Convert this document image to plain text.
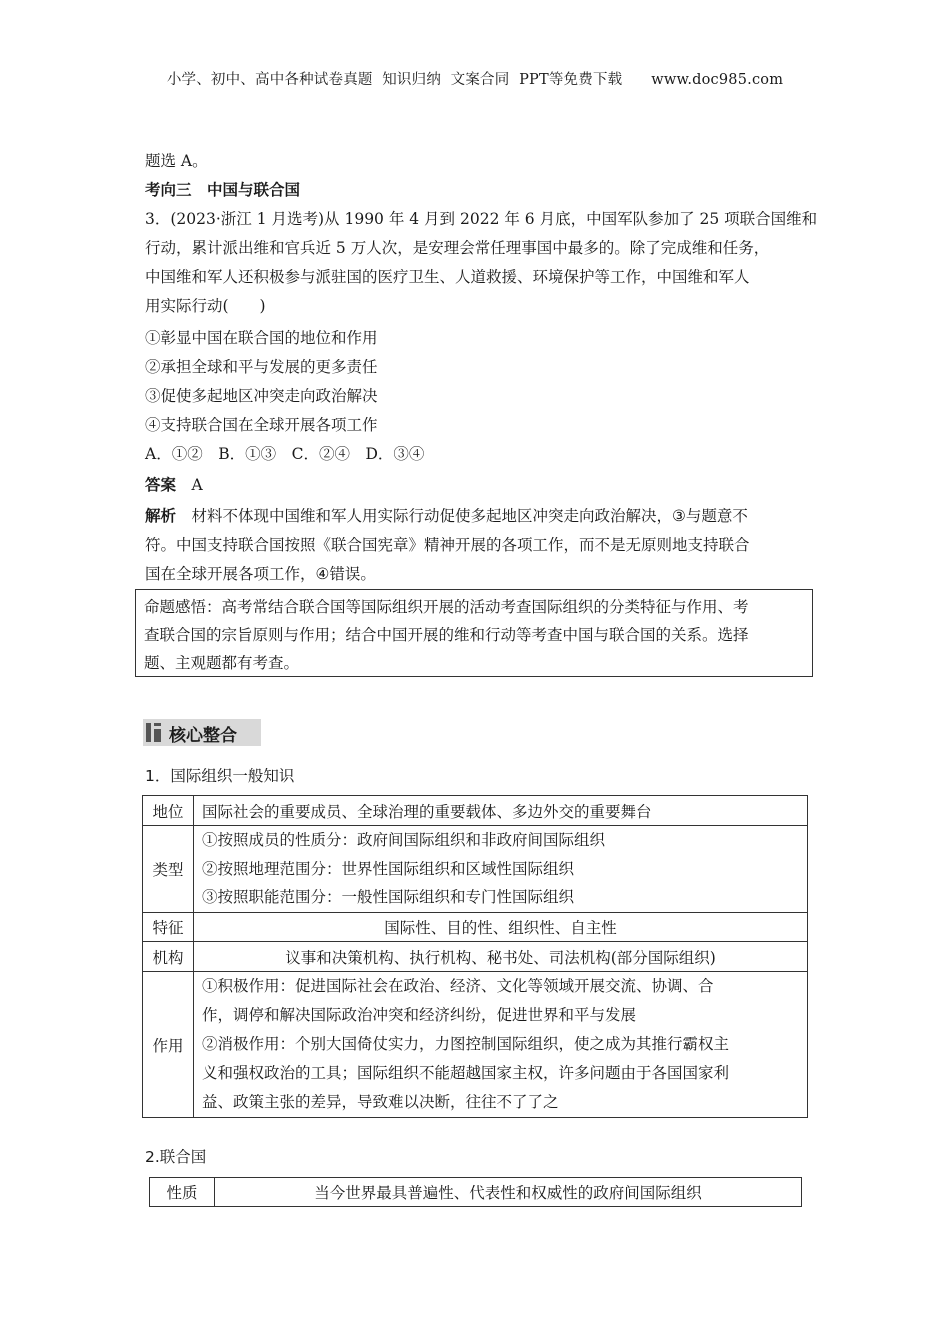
小学、初中、高中各种试卷真题  知识归纳  文案合同  PPT等免费下载 www.doc985.com
题选 A。
考向三　中国与联合国
3．(2023·浙江 1 月选考)从 1990 年 4 月到 2022 年 6 月底，中国军队参加了 25 项联合国维和
行动，累计派出维和官兵近 5 万人次，是安理会常任理事国中最多的。除了完成维和任务，
中国维和军人还积极参与派驻国的医疗卫生、人道救援、环境保护等工作，中国维和军人
用实际行动(　　)
①彰显中国在联合国的地位和作用
②承担全球和平与发展的更多责任
③促使多起地区冲突走向政治解决
④支持联合国在全球开展各项工作
A．①②　B．①③　C．②④　D．③④
答案　 A
解析　 材料不体现中国维和军人用实际行动促使多起地区冲突走向政治解决，③与题意不
符。中国支持联合国按照《联合国宪章》精神开展的各项工作，而不是无原则地支持联合
国在全球开展各项工作，④错误。
命题感悟：高考常结合联合国等国际组织开展的活动考查国际组织的分类特征与作用、考
查联合国的宗旨原则与作用；结合中国开展的维和行动等考查中国与联合国的关系。选择
题、主观题都有考查。
核心整合
1．国际组织一般知识
地位	国际社会的重要成员、全球治理的重要载体、多边外交的重要舞台
类型	①按照成员的性质分：政府间国际组织和非政府间国际组织
②按照地理范围分：世界性国际组织和区域性国际组织
③按照职能范围分：一般性国际组织和专门性国际组织

特征	国际性、目的性、组织性、自主性
机构	议事和决策机构、执行机构、秘书处、司法机构(部分国际组织)
作用	①积极作用：促进国际社会在政治、经济、文化等领域开展交流、协调、合
作，调停和解决国际政治冲突和经济纠纷，促进世界和平与发展
②消极作用：个别大国倚仗实力，力图控制国际组织，使之成为其推行霸权主
义和强权政治的工具；国际组织不能超越国家主权，许多问题由于各国国家利
益、政策主张的差异，导致难以决断，往往不了了之
2.联合国
性质	当今世界最具普遍性、代表性和权威性的政府间国际组织
